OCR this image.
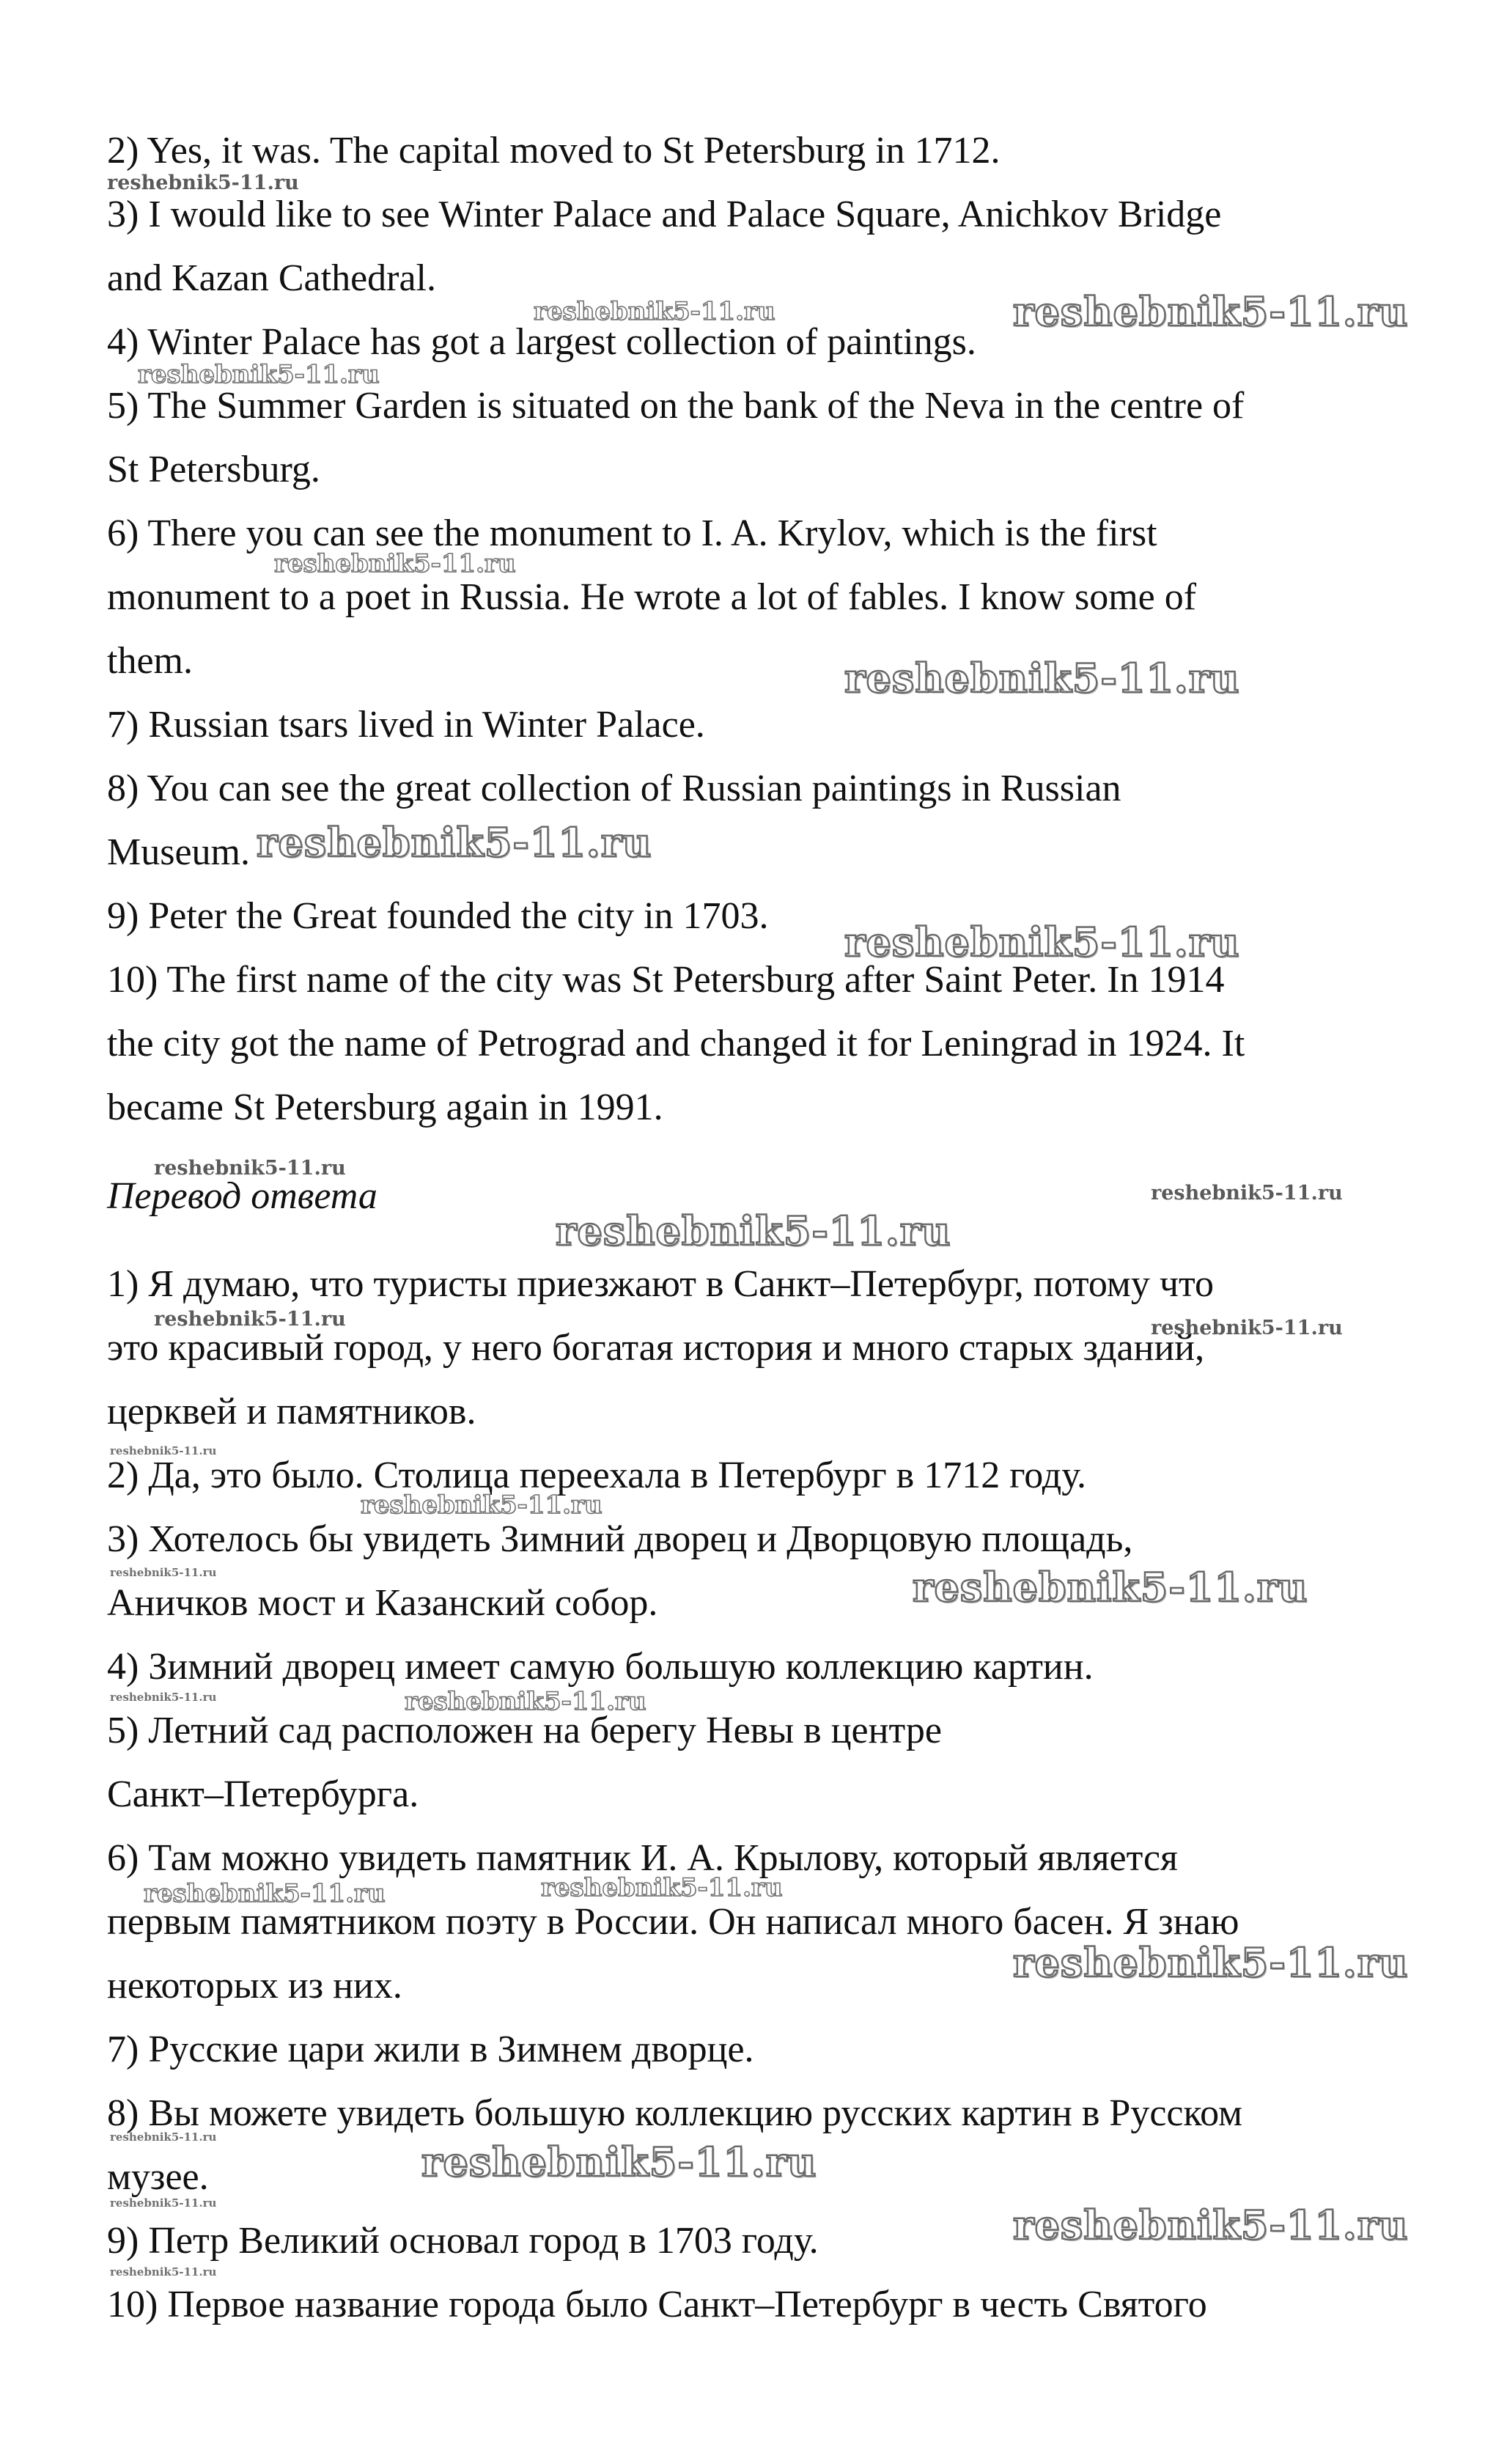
2) Yes, it was. The capital moved to St Petersburg in 1712.

3) I would like to see Winter Palace and Palace Square, Anichkov Bridge

and Kazan Cathedral.

4) Winter Palace has got a largest collection of paintings.

5) The Summer Garden is situated on the bank of the Neva in the centre of

St Petersburg.

6) There you can see the monument to I. A. Krylov, which is the first

monument to a poet in Russia. He wrote a lot of fables. I know some of

them.

7) Russian tsars lived in Winter Palace.

8) You can see the great collection of Russian paintings in Russian

Museum.

9) Peter the Great founded the city in 1703.

10) The first name of the city was St Petersburg after Saint Peter. In 1914

the city got the name of Petrograd and changed it for Leningrad in 1924. It

became St Petersburg again in 1991.

Перевод ответа

1) Я думаю, что туристы приезжают в Санкт–Петербург, потому что

это красивый город, у него богатая история и много старых зданий,

церквей и памятников.

2) Да, это было. Столица переехала в Петербург в 1712 году.

3) Хотелось бы увидеть Зимний дворец и Дворцовую площадь,

Аничков мост и Казанский собор.

4) Зимний дворец имеет самую большую коллекцию картин.

5) Летний сад расположен на берегу Невы в центре

Санкт–Петербурга.

6) Там можно увидеть памятник И. А. Крылову, который является

первым памятником поэту в России. Он написал много басен. Я знаю

некоторых из них.

7) Русские цари жили в Зимнем дворце.

8) Вы можете увидеть большую коллекцию русских картин в Русском

музее.

9) Петр Великий основал город в 1703 году.

10) Первое название города было Санкт–Петербург в честь Святого

reshebnik5-11.ru
reshebnik5-11.ru	reshebnik5-11.ru
reshebnik5-11.ru
reshebnik5-11.ru
reshebnik5-11.ru
reshebnik5-11.ru
reshebnik5-11.ru
reshebnik5-11.ru
reshebnik5-11.ru
reshebnik5-11.ru
reshebnik5-11.ru	reshebnik5-11.ru
reshebnik5-11.ru
reshebnik5-11.ru
reshebnik5-11.ru	reshebnik5-11.ru
reshebnik5-11.ru	reshebnik5-11.ru
reshebnik5-11.ru	reshebnik5-11.ru
reshebnik5-11.ru
reshebnik5-11.ru
reshebnik5-11.ru
reshebnik5-11.ru	reshebnik5-11.ru
reshebnik5-11.ru
